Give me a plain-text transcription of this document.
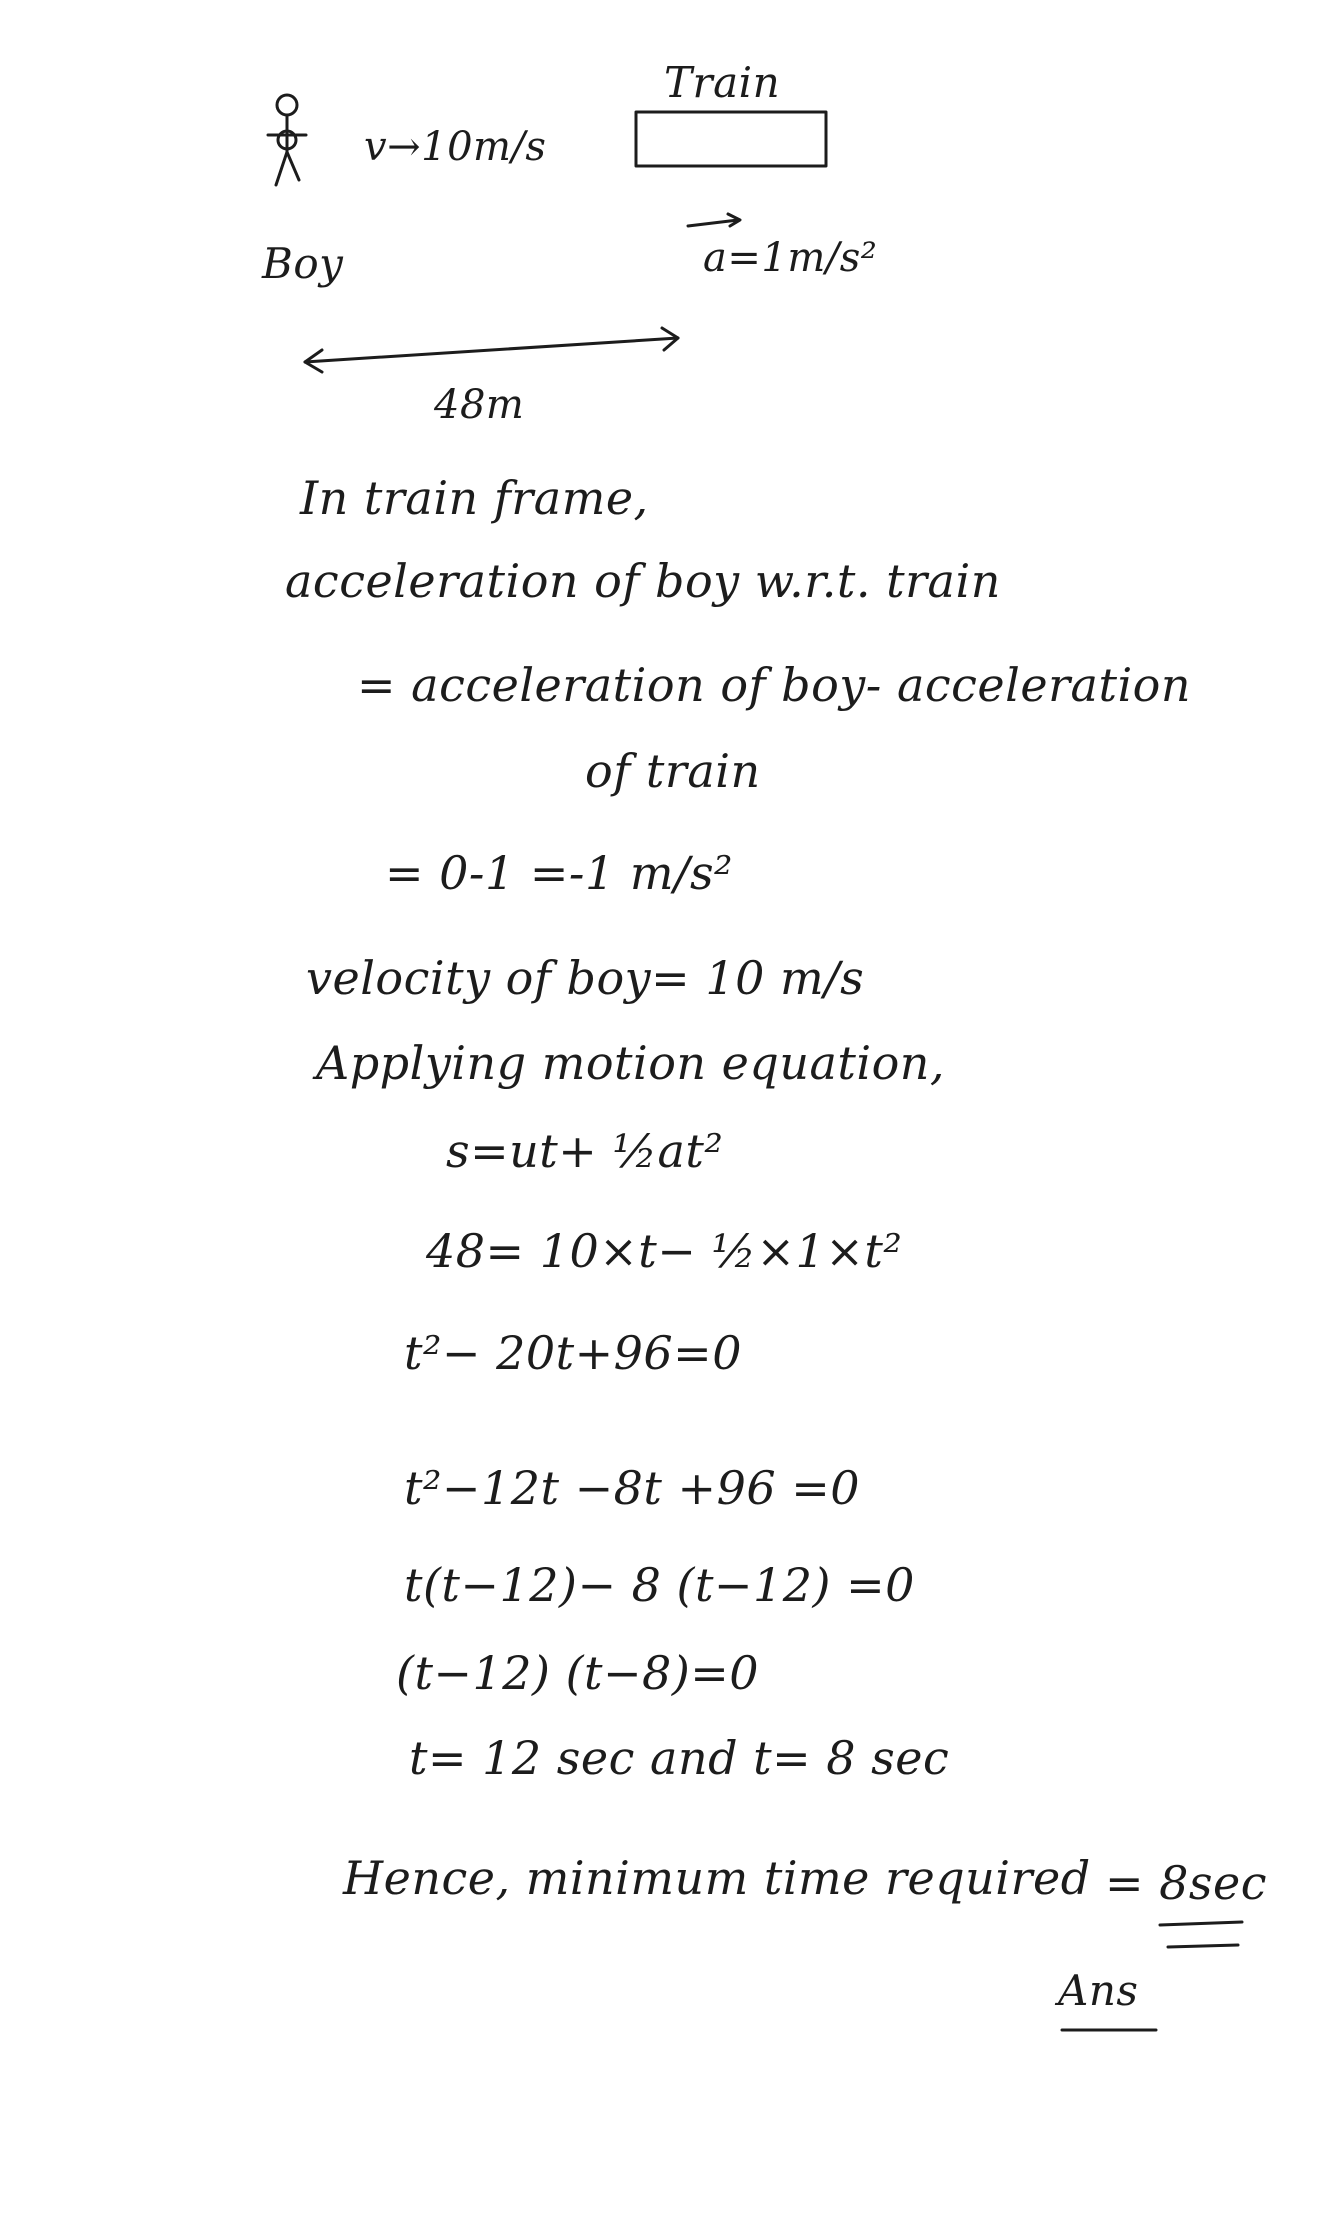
Train
v→10m/s
Boy	a=1m/s²
48m
In train frame,
acceleration of boy w.r.t. train
= acceleration of boy- acceleration
of train
= 0-1 =-1 m/s²
velocity of boy= 10 m/s
Applying motion equation,
s=ut+ ½at²
48= 10×t− ½×1×t²
t²− 20t+96=0
t²−12t −8t +96 =0
t(t−12)− 8 (t−12) =0
(t−12) (t−8)=0
t= 12 sec and t= 8 sec
Hence, minimum time required = 8sec
Ans
